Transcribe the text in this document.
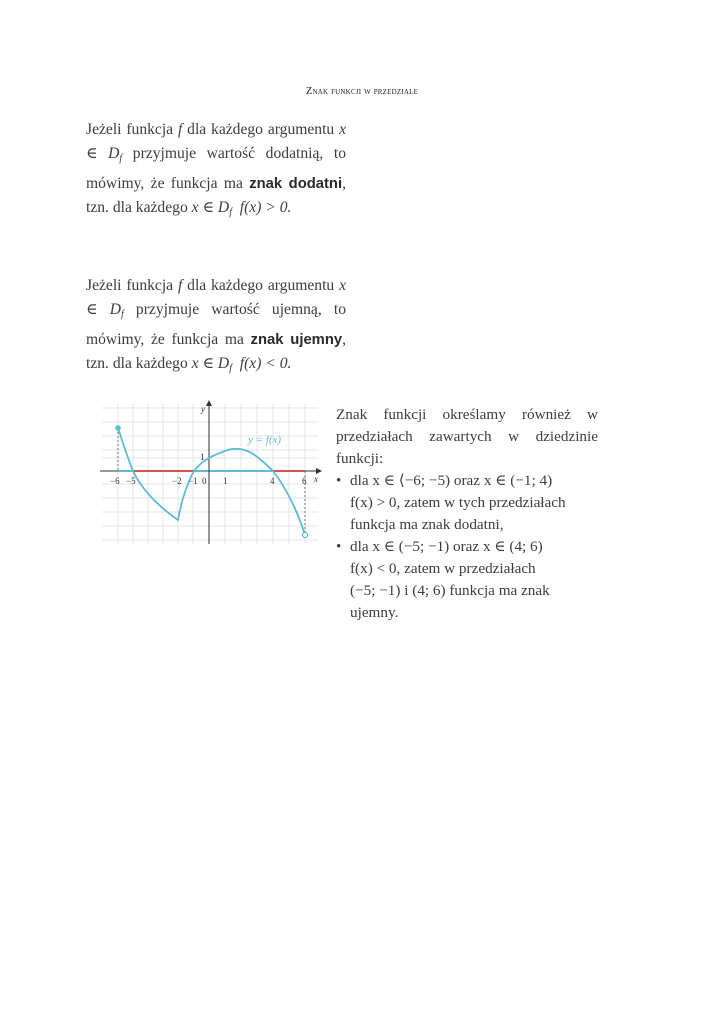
Znak funkcji w przedziale
Jeżeli funkcja f dla każdego argumentu x ∈ $D_f$ przyjmuje wartość dodatnią, to mówimy, że funkcja ma znak dodatni, tzn. dla każdego x ∈ $D_f$ f(x) > 0.
Jeżeli funkcja f dla każdego argumentu x ∈ $D_f$ przyjmuje wartość ujemną, to mówimy, że funkcja ma znak ujemny, tzn. dla każdego x ∈ $D_f$ f(x) < 0.
y = f(x)
x
y
1
−6 −5	−2 −1 0 1	4	6
Znak funkcji określamy również w przedziałach zawartych w dziedzinie funkcji:
• dla x ∈ ⟨−6; −5) oraz x ∈ (−1; 4)
f(x) > 0, zatem w tych przedziałach
funkcja ma znak dodatni,
• dla x ∈ (−5; −1) oraz x ∈ (4; 6)
f(x) < 0, zatem w przedziałach
(−5; −1) i (4; 6) funkcja ma znak ujemny.
